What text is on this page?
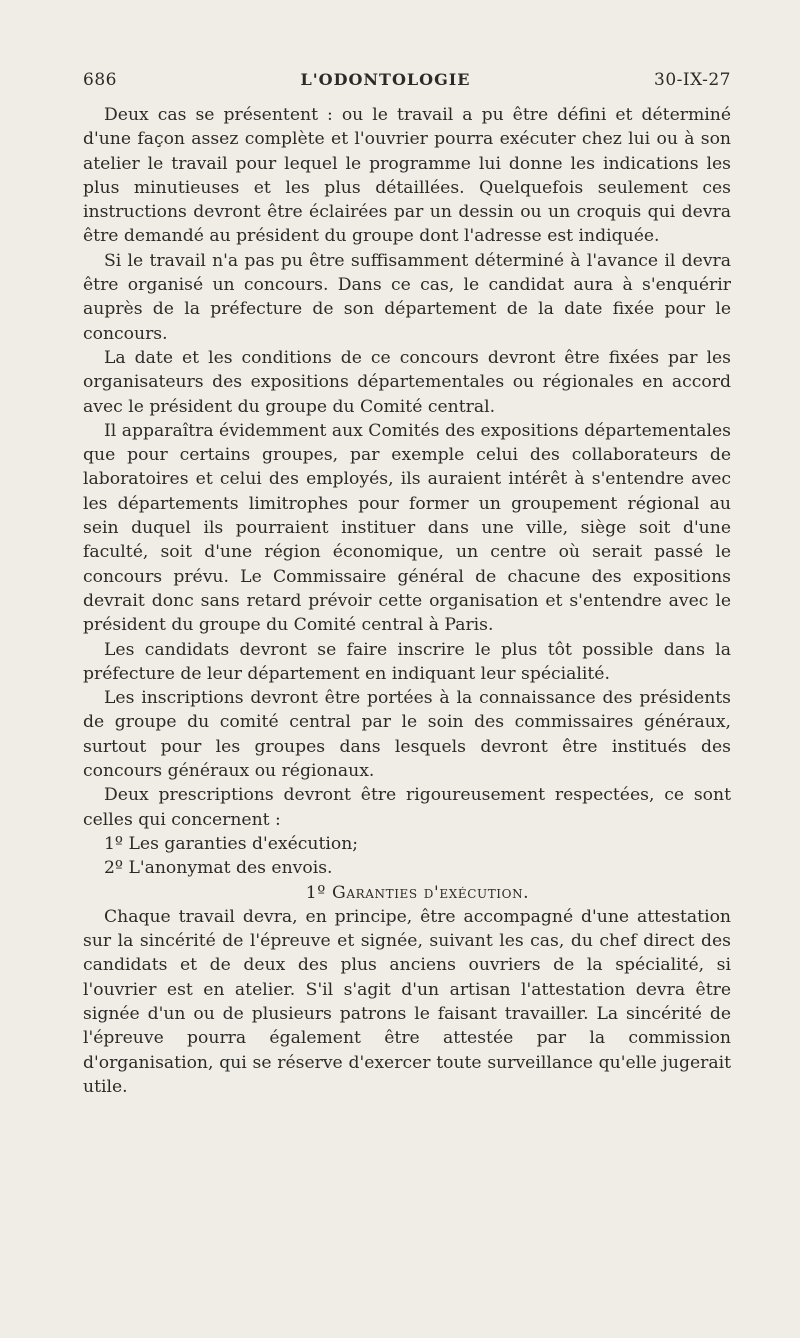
686	L'ODONTOLOGIE	30-IX-27

Deux cas se présentent : ou le travail a pu être défini et déterminé d'une façon assez complète et l'ouvrier pourra exécuter chez lui ou à son atelier le travail pour lequel le programme lui donne les indications les plus minutieuses et les plus détaillées. Quelquefois seulement ces instructions devront être éclairées par un dessin ou un croquis qui devra être demandé au président du groupe dont l'adresse est indiquée.

Si le travail n'a pas pu être suffisamment déterminé à l'avance il devra être organisé un concours. Dans ce cas, le candidat aura à s'enquérir auprès de la préfecture de son département de la date fixée pour le concours.

La date et les conditions de ce concours devront être fixées par les organisateurs des expositions départementales ou régionales en accord avec le président du groupe du Comité central.

Il apparaîtra évidemment aux Comités des expositions départementales que pour certains groupes, par exemple celui des collaborateurs de laboratoires et celui des employés, ils auraient intérêt à s'entendre avec les départements limitrophes pour former un groupement régional au sein duquel ils pourraient instituer dans une ville, siège soit d'une faculté, soit d'une région économique, un centre où serait passé le concours prévu. Le Commissaire général de chacune des expositions devrait donc sans retard prévoir cette organisation et s'entendre avec le président du groupe du Comité central à Paris.

Les candidats devront se faire inscrire le plus tôt possible dans la préfecture de leur département en indiquant leur spécialité.

Les inscriptions devront être portées à la connaissance des présidents de groupe du comité central par le soin des commissaires généraux, surtout pour les groupes dans lesquels devront être institués des concours généraux ou régionaux.

Deux prescriptions devront être rigoureusement respectées, ce sont celles qui concernent :

1º Les garanties d'exécution;

2º L'anonymat des envois.

1º Garanties d'exécution.

Chaque travail devra, en principe, être accompagné d'une attestation sur la sincérité de l'épreuve et signée, suivant les cas, du chef direct des candidats et de deux des plus anciens ouvriers de la spécialité, si l'ouvrier est en atelier. S'il s'agit d'un artisan l'attestation devra être signée d'un ou de plusieurs patrons le faisant travailler. La sincérité de l'épreuve pourra également être attestée par la commission d'organisation, qui se réserve d'exercer toute surveillance qu'elle jugerait utile.
